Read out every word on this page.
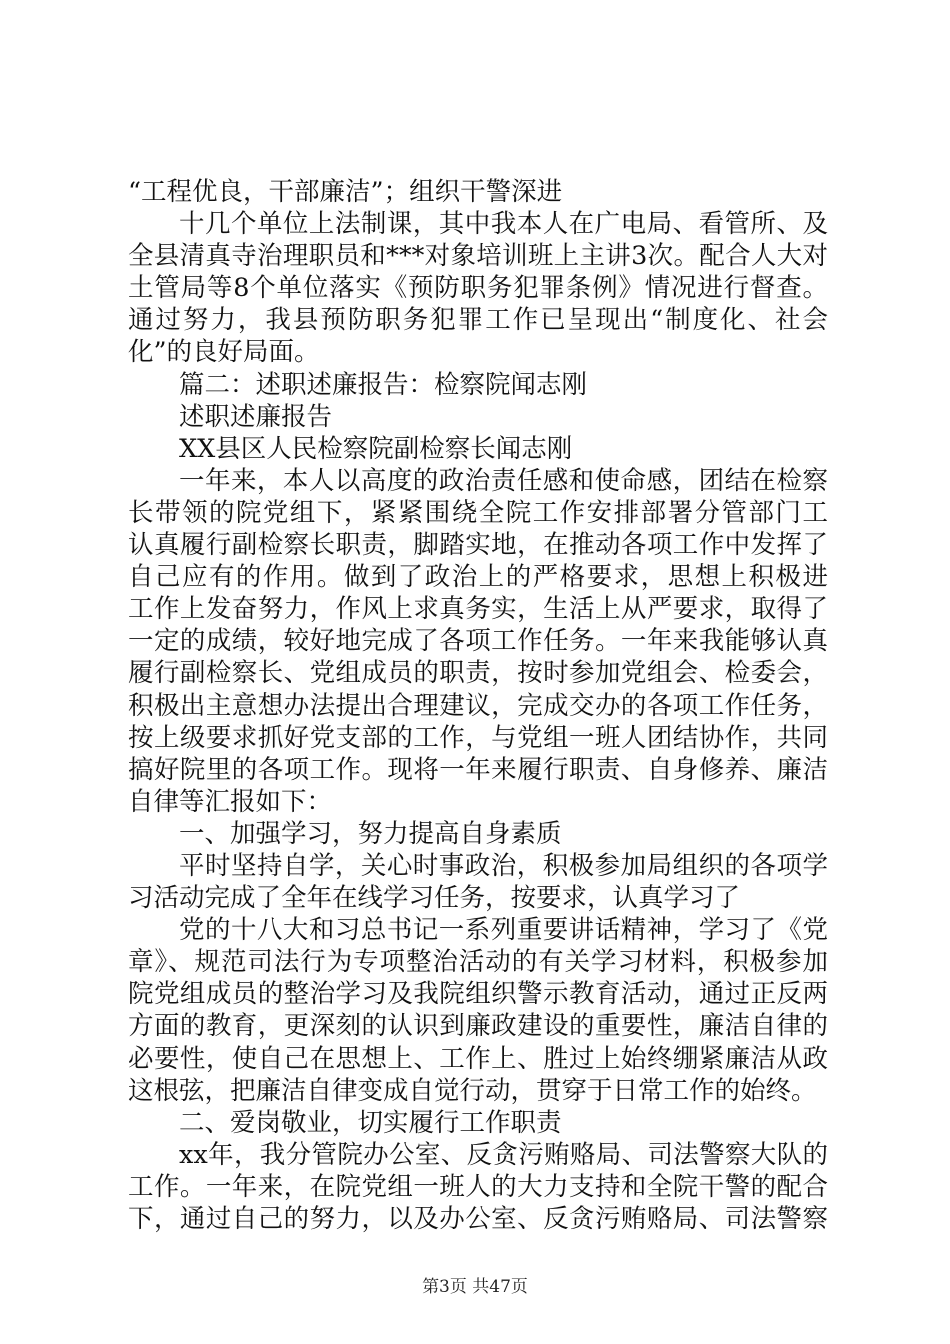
“工程优良，干部廉洁”；组织干警深进
十几个单位上法制课，其中我本人在广电局、看管所、及
全县清真寺治理职员和***对象培训班上主讲3次。配合人大对
土管局等8个单位落实《预防职务犯罪条例》情况进行督查。
通过努力，我县预防职务犯罪工作已呈现出“制度化、社会
化”的良好局面。
篇二：述职述廉报告：检察院闻志刚
述职述廉报告
XX县区人民检察院副检察长闻志刚
一年来，本人以高度的政治责任感和使命感，团结在检察
长带领的院党组下，紧紧围绕全院工作安排部署分管部门工
认真履行副检察长职责，脚踏实地，在推动各项工作中发挥了
自己应有的作用。做到了政治上的严格要求，思想上积极进
工作上发奋努力，作风上求真务实，生活上从严要求，取得了
一定的成绩，较好地完成了各项工作任务。一年来我能够认真
履行副检察长、党组成员的职责，按时参加党组会、检委会，
积极出主意想办法提出合理建议，完成交办的各项工作任务，
按上级要求抓好党支部的工作，与党组一班人团结协作，共同
搞好院里的各项工作。现将一年来履行职责、自身修养、廉洁
自律等汇报如下：
一、加强学习，努力提高自身素质
平时坚持自学，关心时事政治，积极参加局组织的各项学
习活动完成了全年在线学习任务，按要求，认真学习了
党的十八大和习总书记一系列重要讲话精神，学习了《党
章》、规范司法行为专项整治活动的有关学习材料，积极参加
院党组成员的整治学习及我院组织警示教育活动，通过正反两
方面的教育，更深刻的认识到廉政建设的重要性，廉洁自律的
必要性，使自己在思想上、工作上、胜过上始终绷紧廉洁从政
这根弦，把廉洁自律变成自觉行动，贯穿于日常工作的始终。
二、爱岗敬业，切实履行工作职责
xx年，我分管院办公室、反贪污贿赂局、司法警察大队的
工作。一年来，在院党组一班人的大力支持和全院干警的配合
下，通过自己的努力，以及办公室、反贪污贿赂局、司法警察
第3页 共47页
